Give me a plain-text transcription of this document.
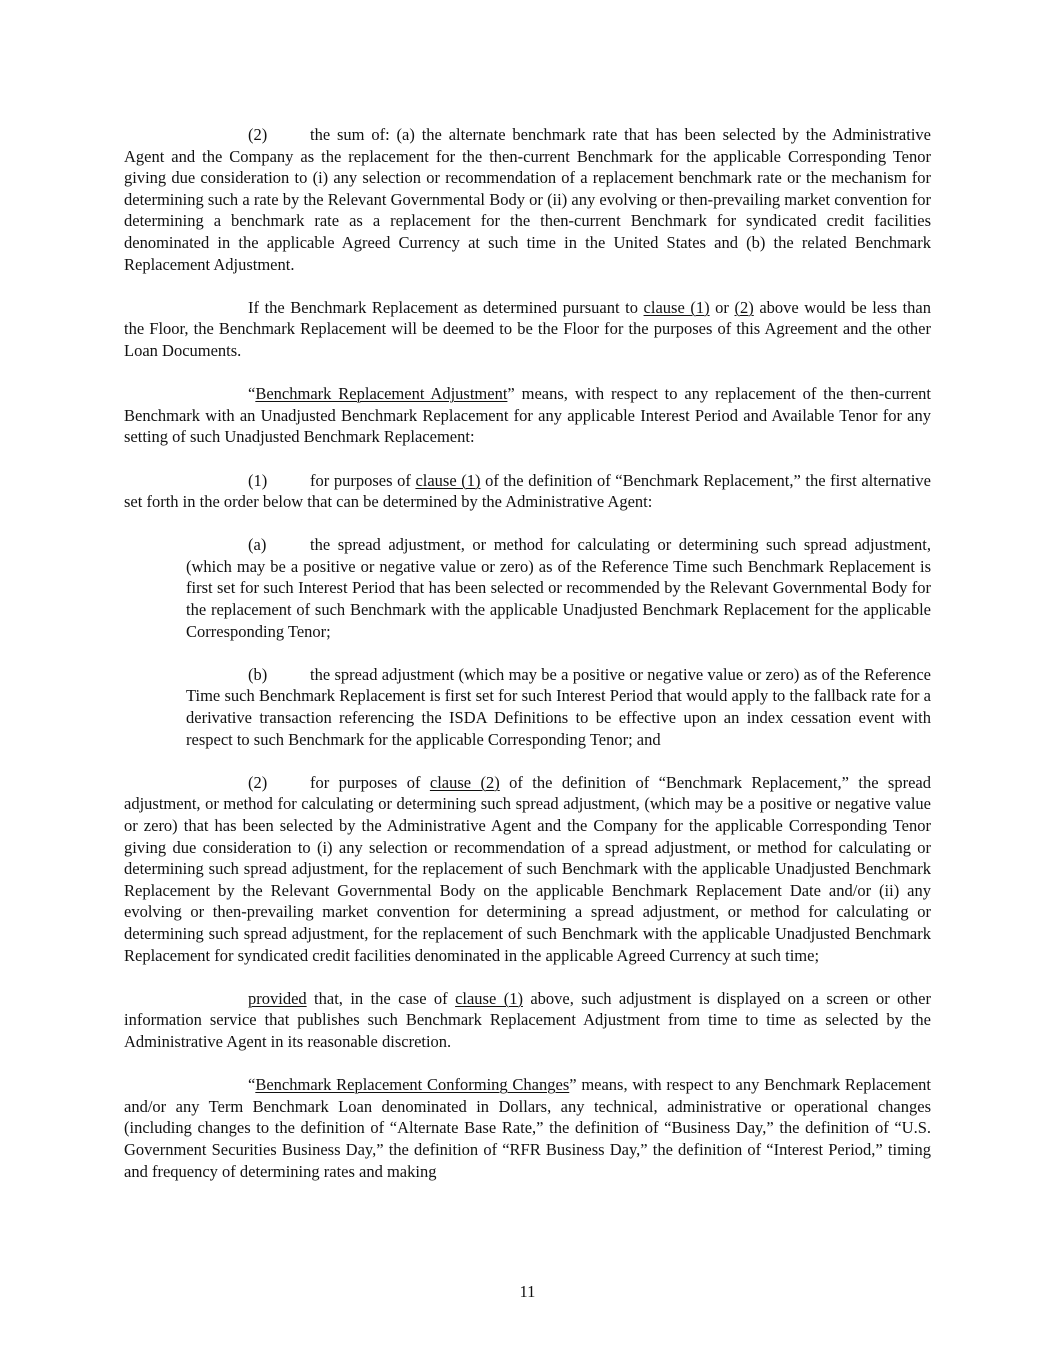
(2)	the sum of: (a) the alternate benchmark rate that has been selected by the Administrative Agent and the Company as the replacement for the then-current Benchmark for the applicable Corresponding Tenor giving due consideration to (i) any selection or recommendation of a replacement benchmark rate or the mechanism for determining such a rate by the Relevant Governmental Body or (ii) any evolving or then-prevailing market convention for determining a benchmark rate as a replacement for the then-current Benchmark for syndicated credit facilities denominated in the applicable Agreed Currency at such time in the United States and (b) the related Benchmark Replacement Adjustment.

If the Benchmark Replacement as determined pursuant to clause (1) or (2) above would be less than the Floor, the Benchmark Replacement will be deemed to be the Floor for the purposes of this Agreement and the other Loan Documents.

“Benchmark Replacement Adjustment” means, with respect to any replacement of the then-current Benchmark with an Unadjusted Benchmark Replacement for any applicable Interest Period and Available Tenor for any setting of such Unadjusted Benchmark Replacement:

(1)	for purposes of clause (1) of the definition of “Benchmark Replacement,” the first alternative set forth in the order below that can be determined by the Administrative Agent:

(a)	the spread adjustment, or method for calculating or determining such spread adjustment, (which may be a positive or negative value or zero) as of the Reference Time such Benchmark Replacement is first set for such Interest Period that has been selected or recommended by the Relevant Governmental Body for the replacement of such Benchmark with the applicable Unadjusted Benchmark Replacement for the applicable Corresponding Tenor;

(b)	the spread adjustment (which may be a positive or negative value or zero) as of the Reference Time such Benchmark Replacement is first set for such Interest Period that would apply to the fallback rate for a derivative transaction referencing the ISDA Definitions to be effective upon an index cessation event with respect to such Benchmark for the applicable Corresponding Tenor; and

(2)	for purposes of clause (2) of the definition of “Benchmark Replacement,” the spread adjustment, or method for calculating or determining such spread adjustment, (which may be a positive or negative value or zero) that has been selected by the Administrative Agent and the Company for the applicable Corresponding Tenor giving due consideration to (i) any selection or recommendation of a spread adjustment, or method for calculating or determining such spread adjustment, for the replacement of such Benchmark with the applicable Unadjusted Benchmark Replacement by the Relevant Governmental Body on the applicable Benchmark Replacement Date and/or (ii) any evolving or then-prevailing market convention for determining a spread adjustment, or method for calculating or determining such spread adjustment, for the replacement of such Benchmark with the applicable Unadjusted Benchmark Replacement for syndicated credit facilities denominated in the applicable Agreed Currency at such time;

provided that, in the case of clause (1) above, such adjustment is displayed on a screen or other information service that publishes such Benchmark Replacement Adjustment from time to time as selected by the Administrative Agent in its reasonable discretion.

“Benchmark Replacement Conforming Changes” means, with respect to any Benchmark Replacement and/or any Term Benchmark Loan denominated in Dollars, any technical, administrative or operational changes (including changes to the definition of “Alternate Base Rate,” the definition of “Business Day,” the definition of “U.S. Government Securities Business Day,” the definition of “RFR Business Day,” the definition of “Interest Period,” timing and frequency of determining rates and making

11
